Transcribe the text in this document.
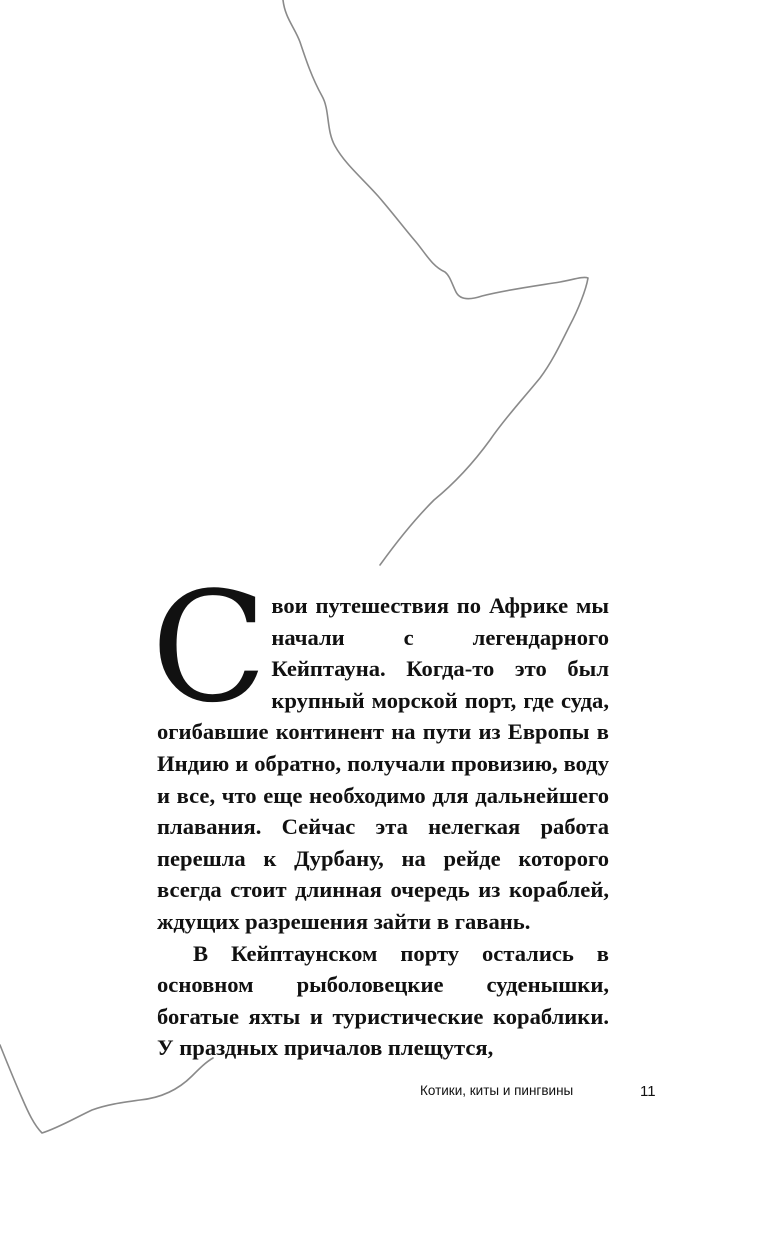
Свои путешествия по Африке мы начали с легендарного Кейптауна. Когда-то это был крупный морской порт, где суда, огибавшие континент на пути из Европы в Индию и обратно, получали провизию, воду и все, что еще необходимо для дальнейшего плавания. Сейчас эта нелегкая работа перешла к Дурбану, на рейде которого всегда стоит длинная очередь из кораблей, ждущих разрешения зайти в гавань.

В Кейптаунском порту остались в основном рыболовецкие суденышки, богатые яхты и туристические кораблики. У праздных причалов плещутся,

Котики, киты и пингвины	11
